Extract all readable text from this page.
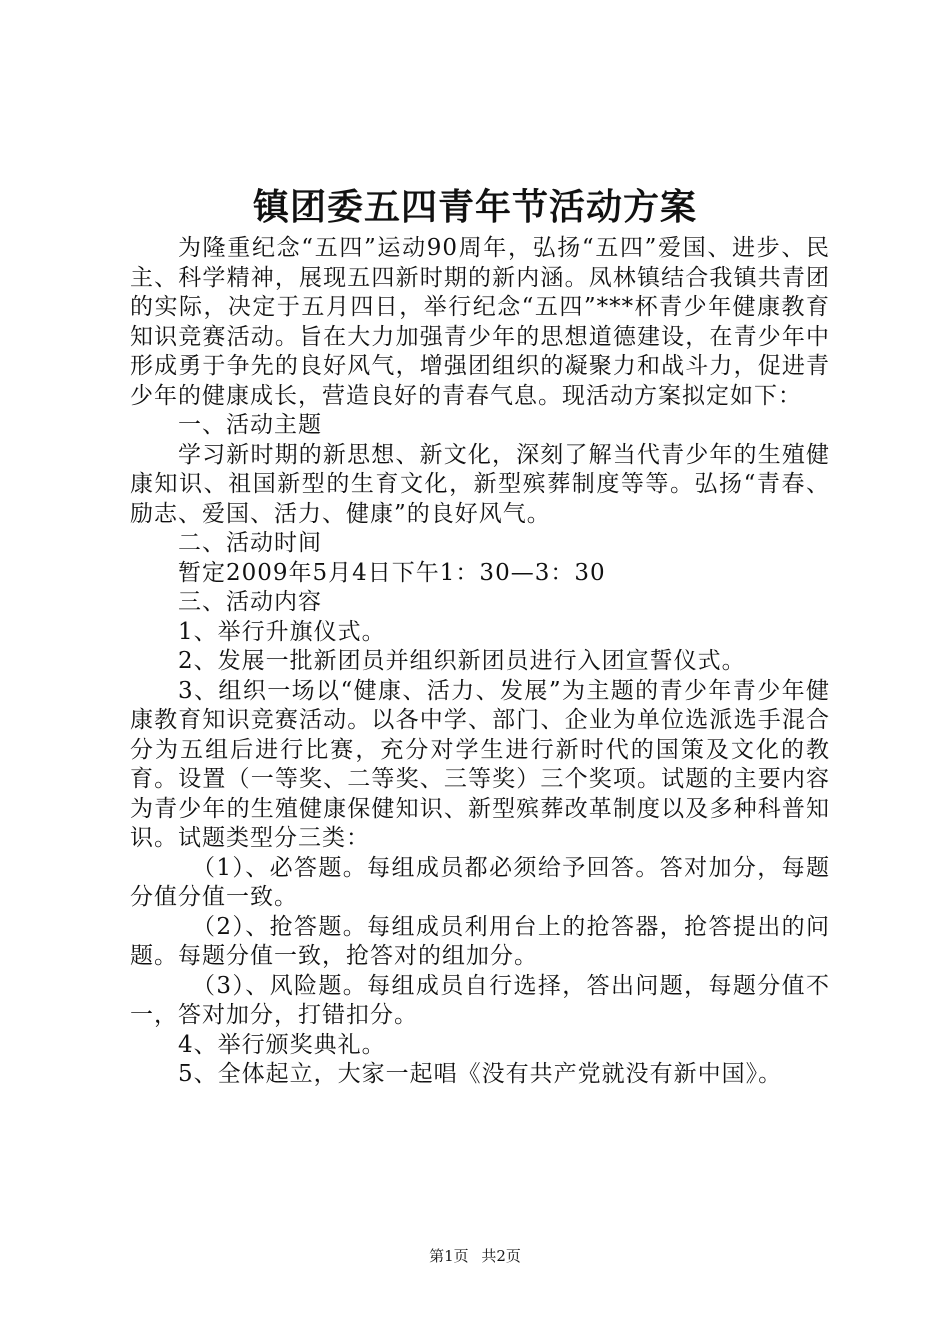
镇团委五四青年节活动方案

为隆重纪念“五四”运动90周年，弘扬“五四”爱国、进步、民主、科学精神，展现五四新时期的新内涵。凤林镇结合我镇共青团的实际，决定于五月四日，举行纪念“五四”***杯青少年健康教育知识竞赛活动。旨在大力加强青少年的思想道德建设，在青少年中形成勇于争先的良好风气，增强团组织的凝聚力和战斗力，促进青少年的健康成长，营造良好的青春气息。现活动方案拟定如下：

一、活动主题

学习新时期的新思想、新文化，深刻了解当代青少年的生殖健康知识、祖国新型的生育文化，新型殡葬制度等等。弘扬“青春、励志、爱国、活力、健康”的良好风气。

二、活动时间

暂定2009年5月4日下午1：30—3：30

三、活动内容

1、举行升旗仪式。

2、发展一批新团员并组织新团员进行入团宣誓仪式。

3、组织一场以“健康、活力、发展”为主题的青少年青少年健康教育知识竞赛活动。以各中学、部门、企业为单位选派选手混合分为五组后进行比赛，充分对学生进行新时代的国策及文化的教育。设置（一等奖、二等奖、三等奖）三个奖项。试题的主要内容为青少年的生殖健康保健知识、新型殡葬改革制度以及多种科普知识。试题类型分三类：

（1）、必答题。每组成员都必须给予回答。答对加分，每题分值分值一致。

（2）、抢答题。每组成员利用台上的抢答器，抢答提出的问题。每题分值一致，抢答对的组加分。

（3）、风险题。每组成员自行选择，答出问题，每题分值不一，答对加分，打错扣分。

4、举行颁奖典礼。

5、全体起立，大家一起唱《没有共产党就没有新中国》。

第1页 共2页
